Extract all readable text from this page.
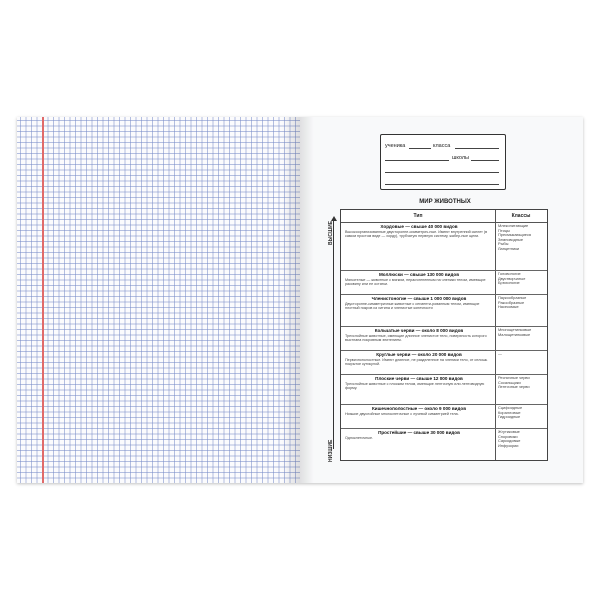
ученика	класса
школы
МИР ЖИВОТНЫХ
ВЫСШИЕ
НИЗШИЕ
Тип	Классы
Хордовые — свыше 40 000 видов
Высокоорганизованные двусторонне-симметрич-ные. Имеют внутренний скелет (в самом простом виде — хорду), трубчатую нервную систему, жабер-ные щели.
Млекопитающие
Птицы
Пресмыкающиеся
Земноводные
Рыбы
Ланцетники
Моллюски — свыше 130 000 видов
Мягкотелые — животные с мягким, нерасчлененным на членики телом, имеющие раковину или ее остатки.
Головоногие
Двустворчатые
Брюхоногие
Членистоногие — свыше 1 000 000 видов
Двусторонне-симметричные животные с сегменти-рованным телом, имеющие плотный покров из хитина и членистые конечности
Паукообразные
Ракообразные
Насекомые
Кольчатые черви — около 8 000 видов
Трехслойные животные, имеющие длинное членистое тело, поверхность которого выстлана покровным эпителием.
Многощетинковые
Малощетинковые
Круглые черви — около 20 000 видов
Первичнополостные. Имеют длинное, не разделенное на членики тело, от сплошь покрытое кутикулой.
—
Плоские черви — свыше 12 000 видов
Трехслойные животные с плоским телом, имеющие ленточную или лентовидную форму.
Ресничные черви
Сосальщики
Ленточные черви
Кишечнополостные — около 9 000 видов
Низшие двуслойные многоклеточные с лучевой симметрией тела.
Сцифоидные
Коралловые
Гидроидные
Простейшие — свыше 30 000 видов
Одноклеточные.
Жгутиковые
Споровики
Саркодовые
Инфузории
